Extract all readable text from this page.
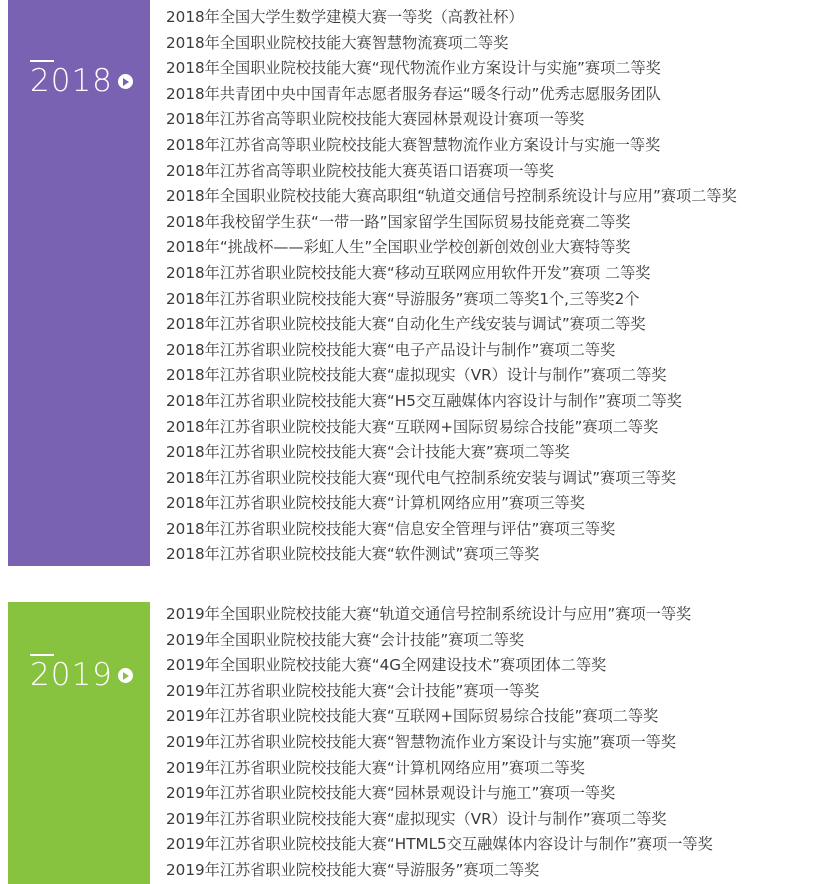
2018
2018年全国大学生数学建模大赛一等奖（高教社杯）
2018年全国职业院校技能大赛智慧物流赛项二等奖
2018年全国职业院校技能大赛“现代物流作业方案设计与实施”赛项二等奖
2018年共青团中央中国青年志愿者服务春运“暖冬行动”优秀志愿服务团队
2018年江苏省高等职业院校技能大赛园林景观设计赛项一等奖
2018年江苏省高等职业院校技能大赛智慧物流作业方案设计与实施一等奖
2018年江苏省高等职业院校技能大赛英语口语赛项一等奖
2018年全国职业院校技能大赛高职组“轨道交通信号控制系统设计与应用”赛项二等奖
2018年我校留学生获“一带一路”国家留学生国际贸易技能竞赛二等奖
2018年“挑战杯——彩虹人生”全国职业学校创新创效创业大赛特等奖
2018年江苏省职业院校技能大赛“移动互联网应用软件开发”赛项 二等奖
2018年江苏省职业院校技能大赛“导游服务”赛项二等奖1个,三等奖2个
2018年江苏省职业院校技能大赛“自动化生产线安装与调试”赛项二等奖
2018年江苏省职业院校技能大赛“电子产品设计与制作”赛项二等奖
2018年江苏省职业院校技能大赛“虚拟现实（VR）设计与制作”赛项二等奖
2018年江苏省职业院校技能大赛“H5交互融媒体内容设计与制作”赛项二等奖
2018年江苏省职业院校技能大赛“互联网+国际贸易综合技能”赛项二等奖
2018年江苏省职业院校技能大赛“会计技能大赛”赛项二等奖
2018年江苏省职业院校技能大赛“现代电气控制系统安装与调试”赛项三等奖
2018年江苏省职业院校技能大赛“计算机网络应用”赛项三等奖
2018年江苏省职业院校技能大赛“信息安全管理与评估”赛项三等奖
2018年江苏省职业院校技能大赛“软件测试”赛项三等奖
2019
2019年全国职业院校技能大赛“轨道交通信号控制系统设计与应用”赛项一等奖
2019年全国职业院校技能大赛“会计技能”赛项二等奖
2019年全国职业院校技能大赛“4G全网建设技术”赛项团体二等奖
2019年江苏省职业院校技能大赛“会计技能”赛项一等奖
2019年江苏省职业院校技能大赛“互联网+国际贸易综合技能”赛项二等奖
2019年江苏省职业院校技能大赛“智慧物流作业方案设计与实施”赛项一等奖
2019年江苏省职业院校技能大赛“计算机网络应用”赛项二等奖
2019年江苏省职业院校技能大赛“园林景观设计与施工”赛项一等奖
2019年江苏省职业院校技能大赛“虚拟现实（VR）设计与制作”赛项二等奖
2019年江苏省职业院校技能大赛“HTML5交互融媒体内容设计与制作”赛项一等奖
2019年江苏省职业院校技能大赛“导游服务”赛项二等奖
